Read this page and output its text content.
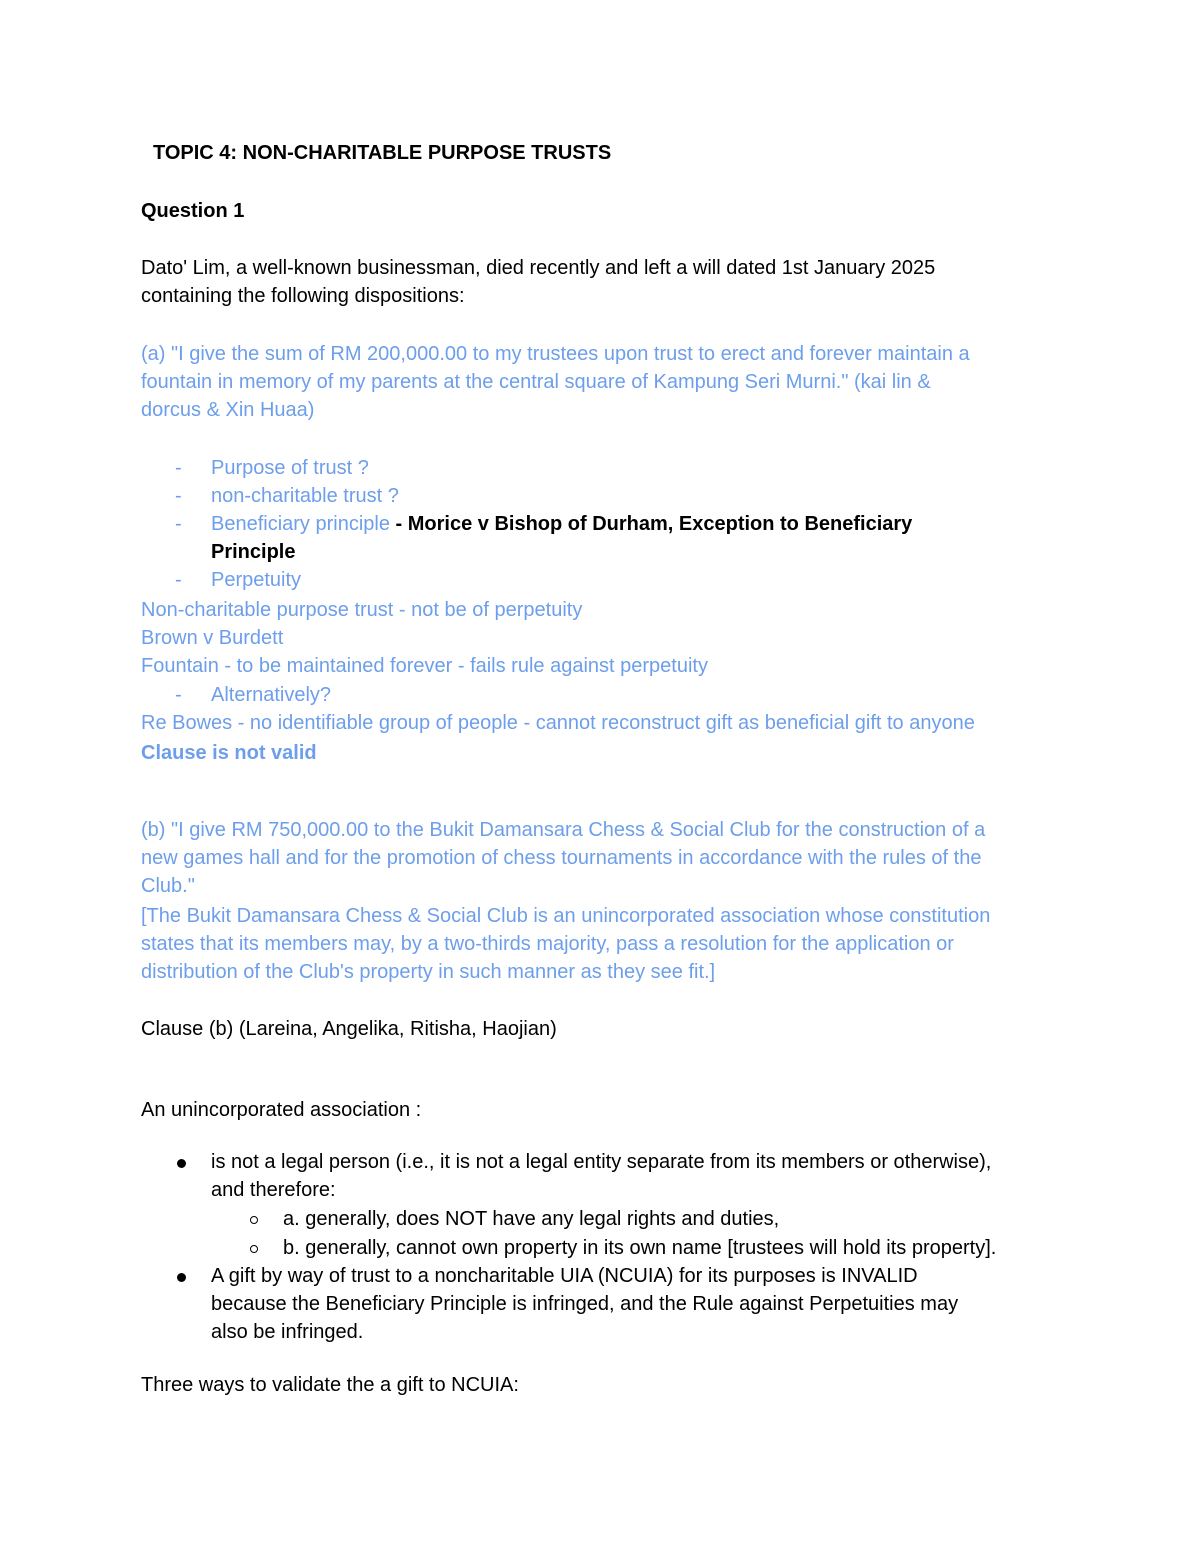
TOPIC 4: NON-CHARITABLE PURPOSE TRUSTS
Question 1
Dato' Lim, a well-known businessman, died recently and left a will dated 1st January 2025
containing the following dispositions:
(a) "I give the sum of RM 200,000.00 to my trustees upon trust to erect and forever maintain a
fountain in memory of my parents at the central square of Kampung Seri Murni." (kai lin &
dorcus & Xin Huaa)
- Purpose of trust ?
- non-charitable trust ?
- Beneficiary principle - Morice v Bishop of Durham, Exception to Beneficiary
Principle
- Perpetuity
Non-charitable purpose trust - not be of perpetuity
Brown v Burdett
Fountain - to be maintained forever - fails rule against perpetuity
- Alternatively?
Re Bowes - no identifiable group of people - cannot reconstruct gift as beneficial gift to anyone
Clause is not valid
(b) "I give RM 750,000.00 to the Bukit Damansara Chess & Social Club for the construction of a
new games hall and for the promotion of chess tournaments in accordance with the rules of the
Club."
[The Bukit Damansara Chess & Social Club is an unincorporated association whose constitution
states that its members may, by a two-thirds majority, pass a resolution for the application or
distribution of the Club's property in such manner as they see fit.]
Clause (b) (Lareina, Angelika, Ritisha, Haojian)
An unincorporated association :
is not a legal person (i.e., it is not a legal entity separate from its members or otherwise),
and therefore:
a. generally, does NOT have any legal rights and duties,
b. generally, cannot own property in its own name [trustees will hold its property].
A gift by way of trust to a noncharitable UIA (NCUIA) for its purposes is INVALID
because the Beneficiary Principle is infringed, and the Rule against Perpetuities may
also be infringed.
Three ways to validate the a gift to NCUIA:
